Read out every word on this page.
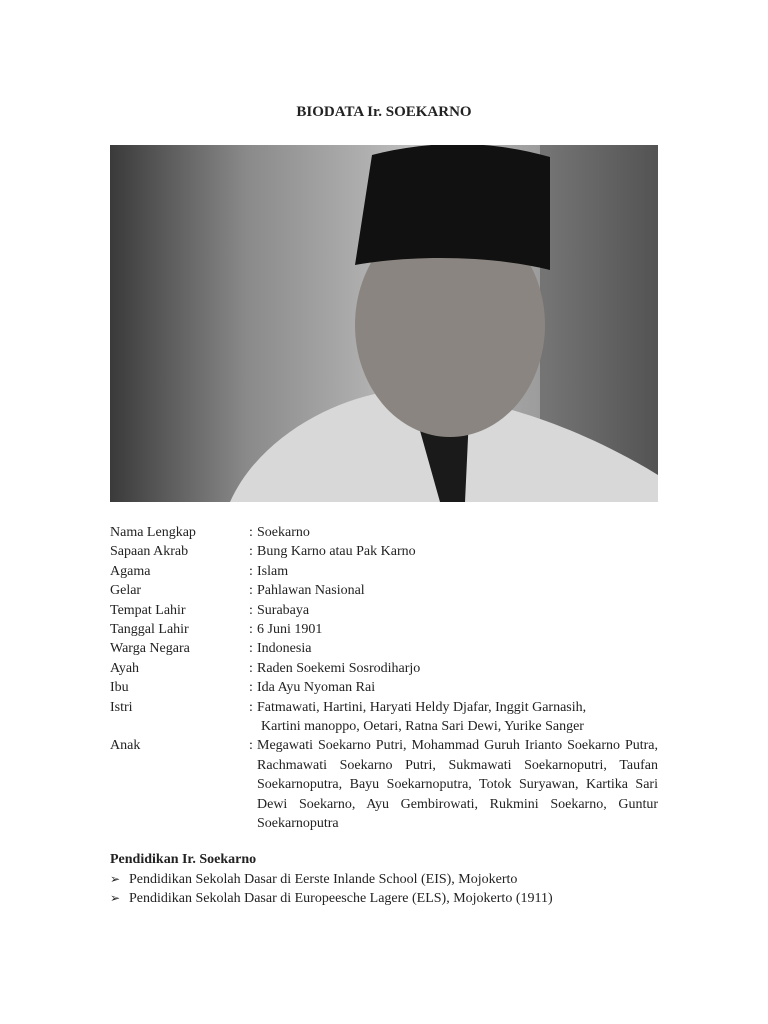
BIODATA Ir. SOEKARNO
Nama Lengkap	: Soekarno
Sapaan Akrab	: Bung Karno atau Pak Karno
Agama	: Islam
Gelar	: Pahlawan Nasional
Tempat Lahir	: Surabaya
Tanggal Lahir	: 6 Juni 1901
Warga Negara	: Indonesia
Ayah	: Raden Soekemi Sosrodiharjo
Ibu	: Ida Ayu Nyoman Rai
Istri	: Fatmawati, Hartini, Haryati Heldy Djafar, Inggit Garnasih,
Kartini manoppo, Oetari, Ratna Sari Dewi, Yurike Sanger
Anak	: Megawati Soekarno Putri, Mohammad Guruh Irianto Soekarno Putra, Rachmawati Soekarno Putri, Sukmawati Soekarnoputri, Taufan Soekarnoputra, Bayu Soekarnoputra, Totok Suryawan, Kartika Sari Dewi Soekarno, Ayu Gembirowati, Rukmini Soekarno, Guntur Soekarnoputra
Pendidikan Ir. Soekarno
➢ Pendidikan Sekolah Dasar di Eerste Inlande School (EIS), Mojokerto
➢ Pendidikan Sekolah Dasar di Europeesche Lagere (ELS), Mojokerto (1911)
